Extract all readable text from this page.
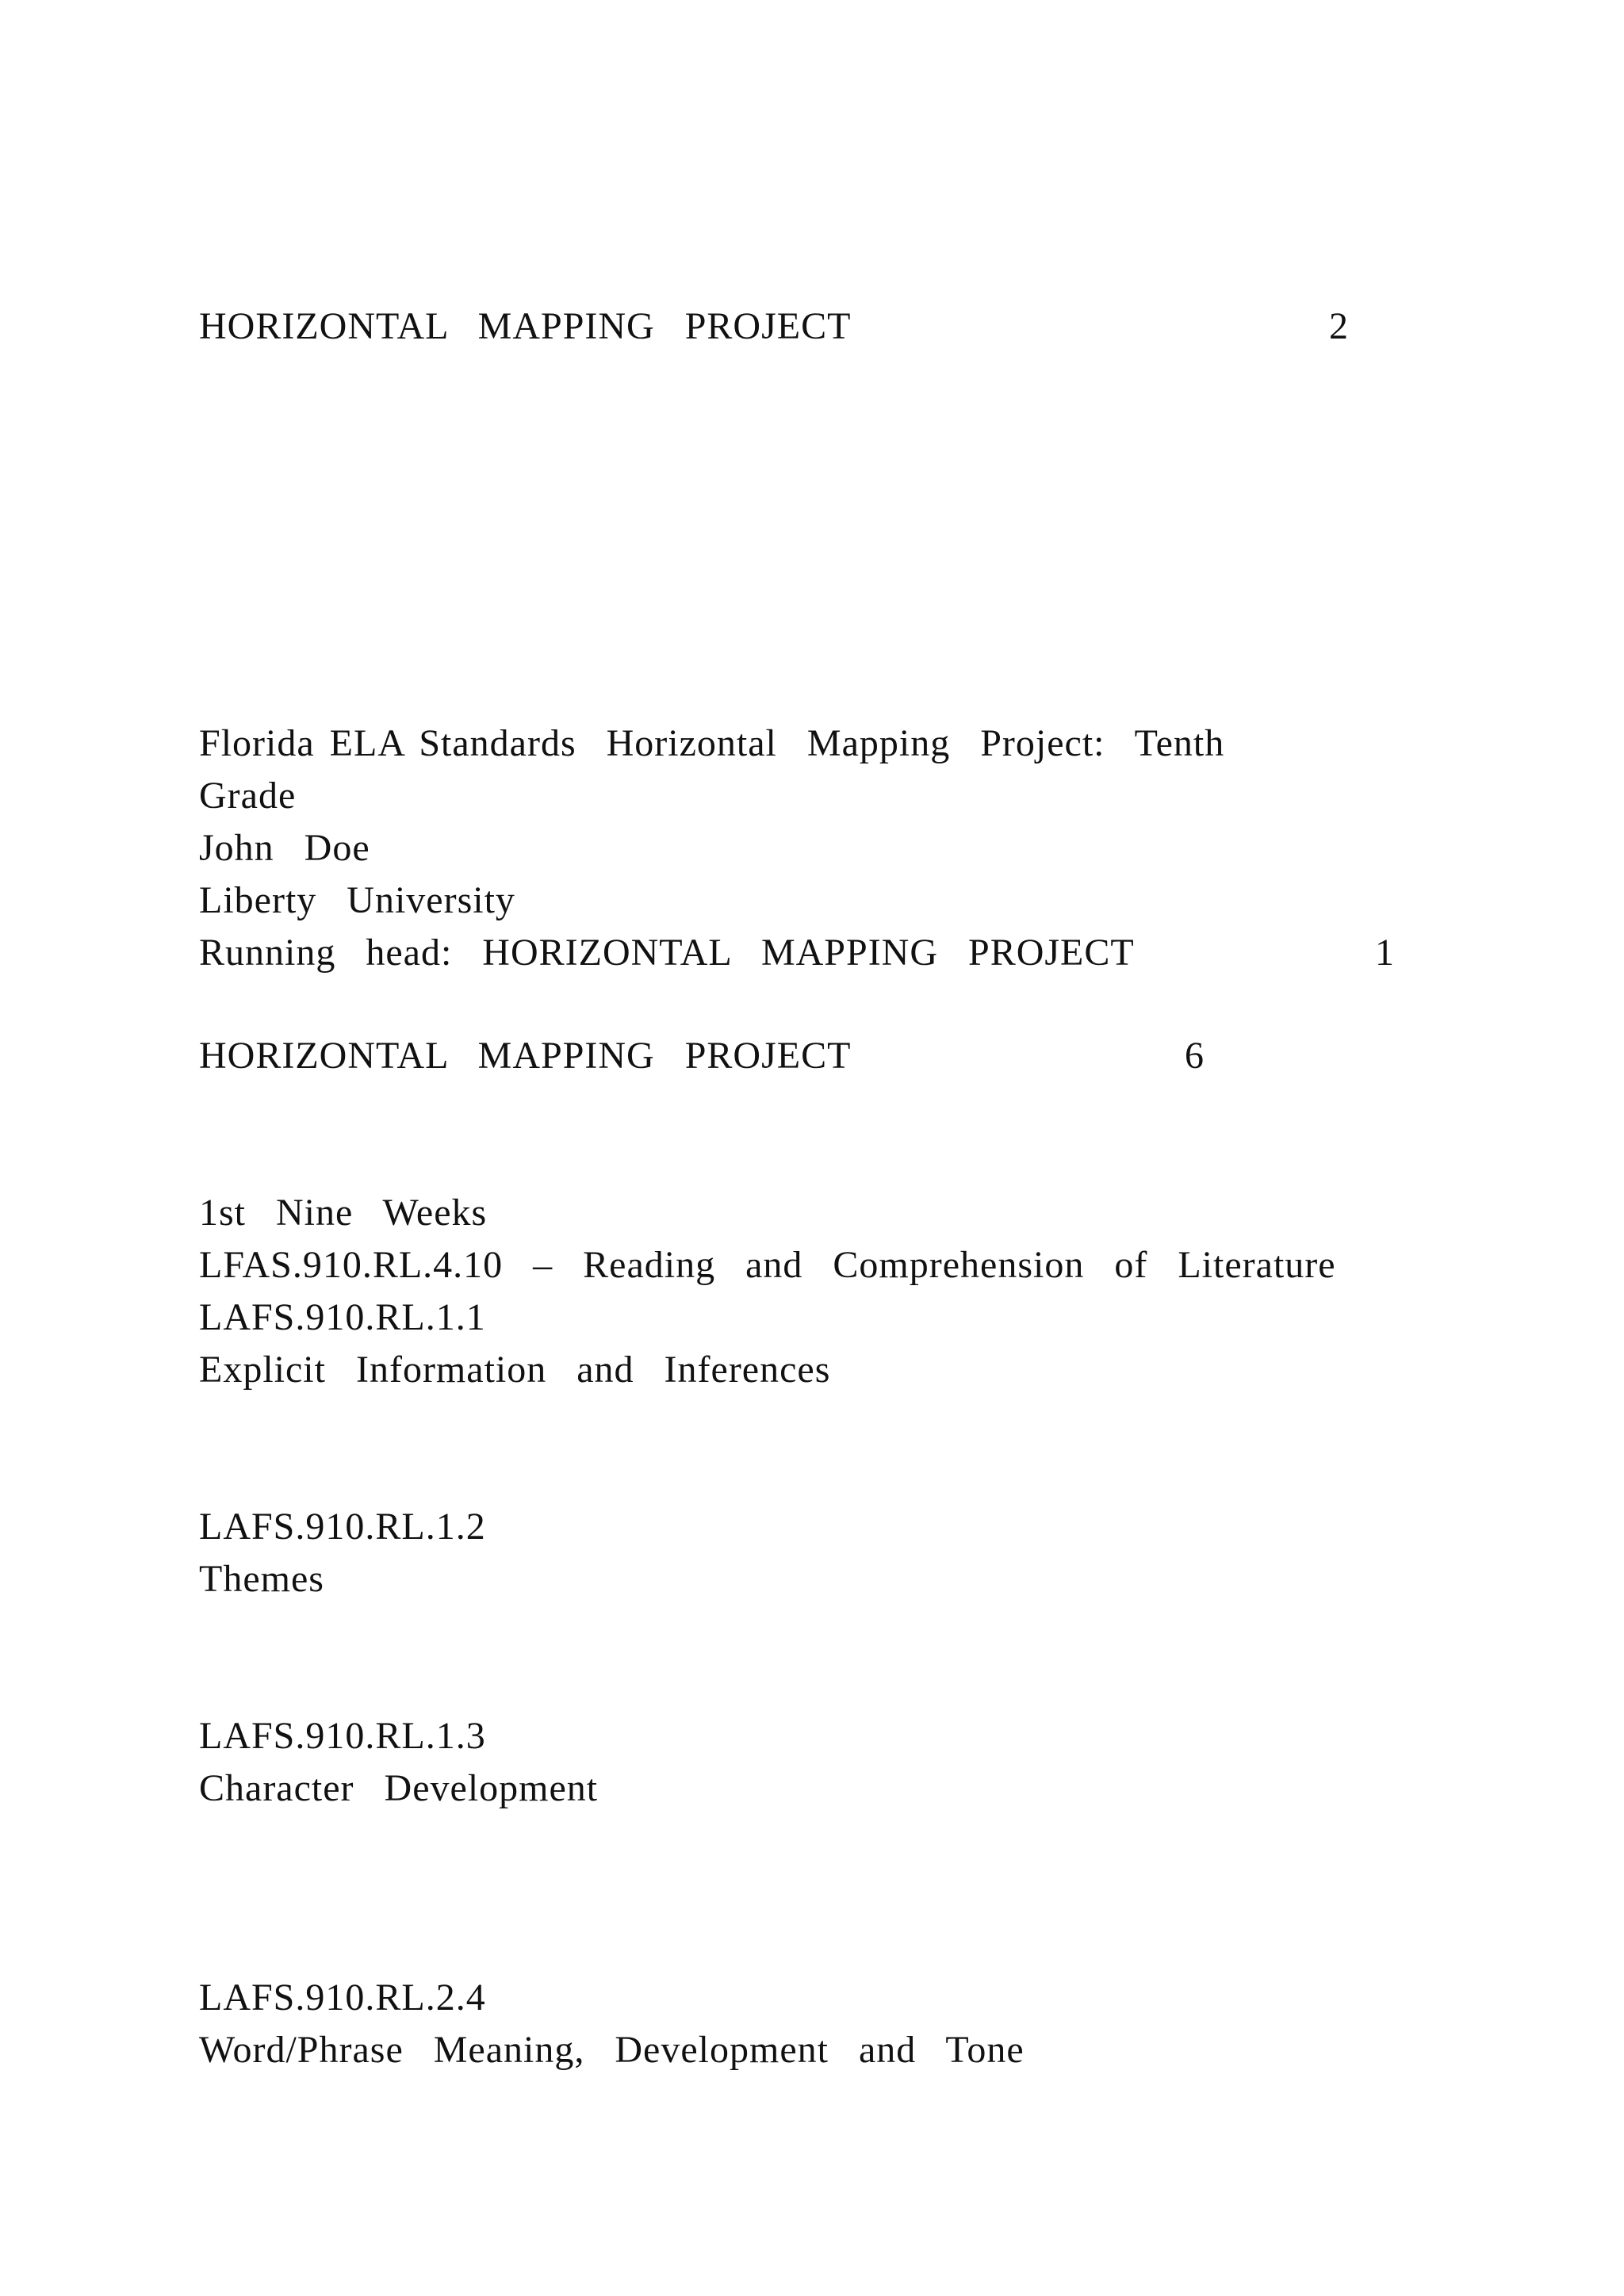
HORIZONTAL  MAPPING  PROJECT	2
Florida ELA Standards  Horizontal  Mapping  Project:  Tenth
Grade
John  Doe
Liberty  University
Running  head:  HORIZONTAL  MAPPING  PROJECT	1
HORIZONTAL  MAPPING  PROJECT	6
1st  Nine  Weeks
LFAS.910.RL.4.10  –  Reading  and  Comprehension  of  Literature
LAFS.910.RL.1.1
Explicit  Information  and  Inferences
LAFS.910.RL.1.2
Themes
LAFS.910.RL.1.3
Character  Development
LAFS.910.RL.2.4
Word/Phrase  Meaning,  Development  and  Tone
